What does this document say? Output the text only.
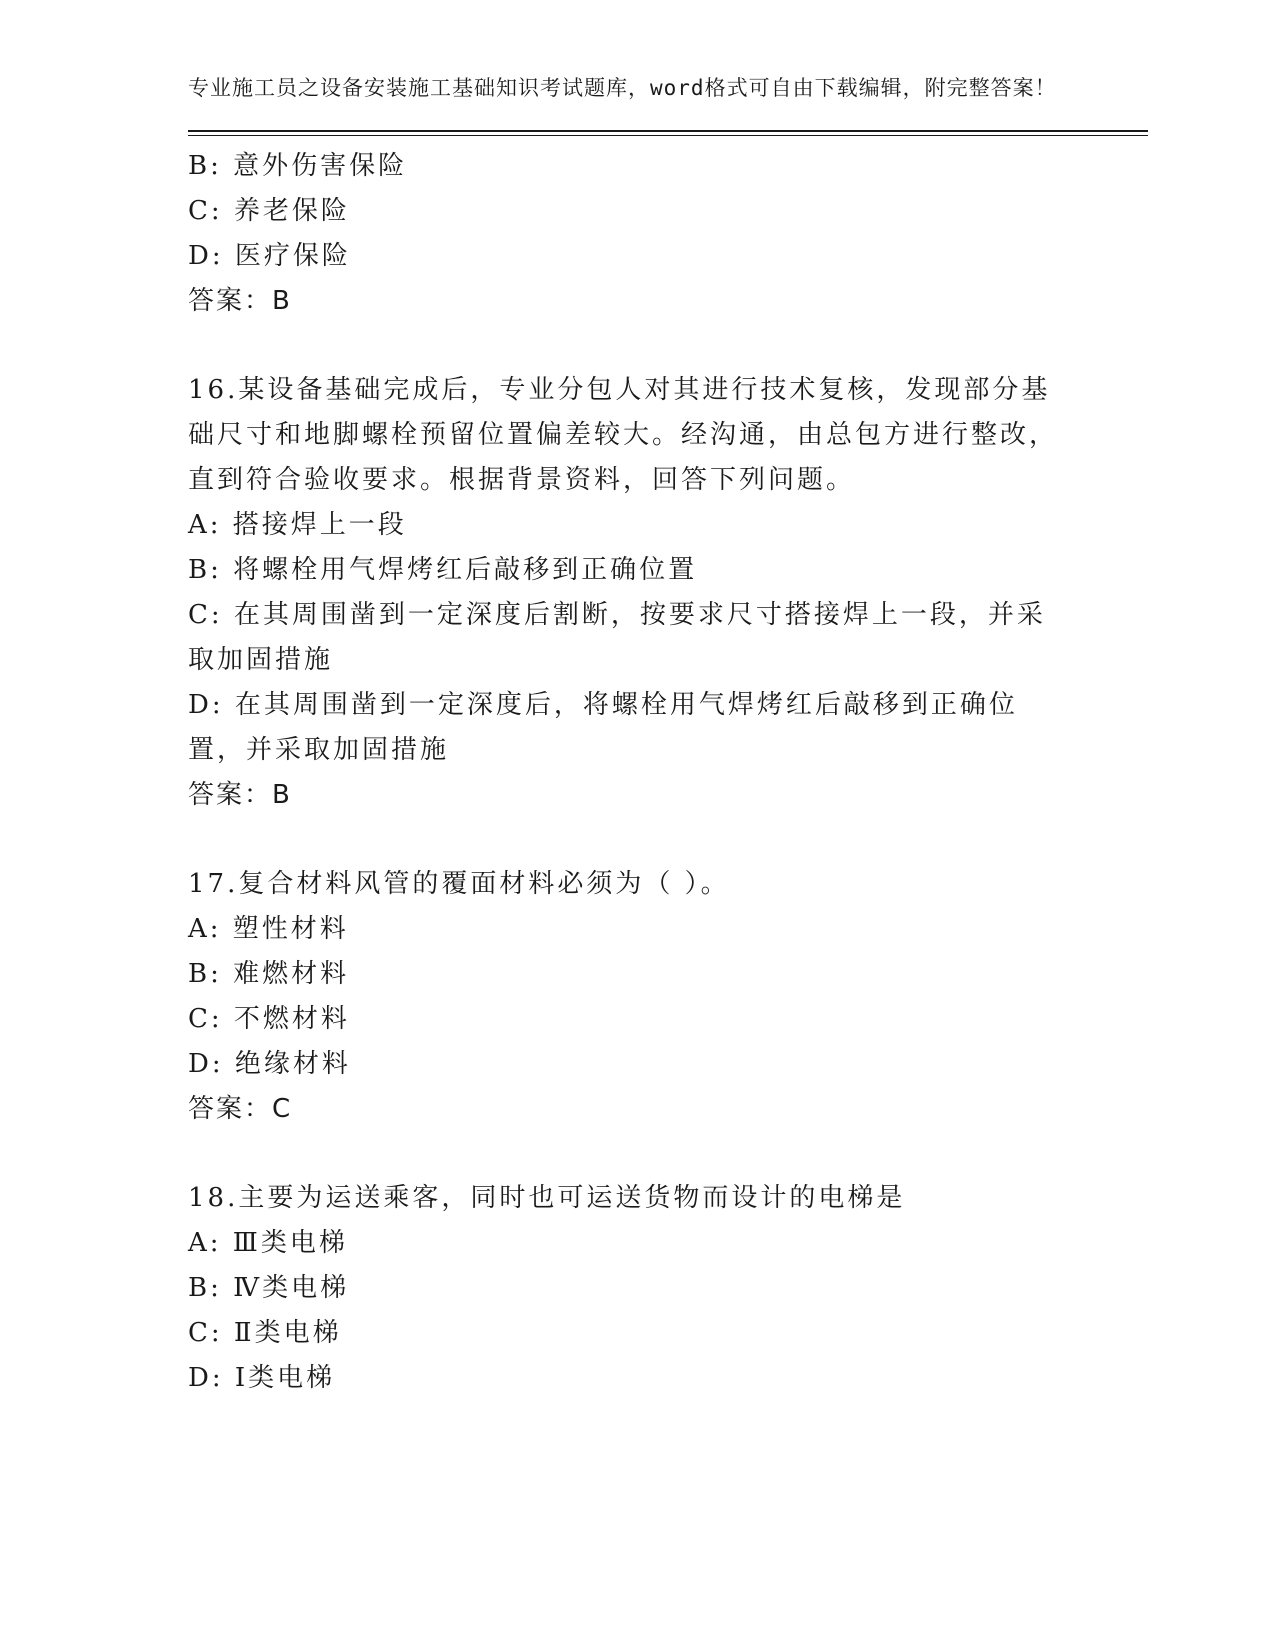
专业施工员之设备安装施工基础知识考试题库，word格式可自由下载编辑，附完整答案！

B: 意外伤害保险

C: 养老保险

D: 医疗保险

答案：B

16.某设备基础完成后，专业分包人对其进行技术复核，发现部分基础尺寸和地脚螺栓预留位置偏差较大。经沟通，由总包方进行整改，直到符合验收要求。根据背景资料，回答下列问题。

A: 搭接焊上一段

B: 将螺栓用气焊烤红后敲移到正确位置

C: 在其周围凿到一定深度后割断，按要求尺寸搭接焊上一段，并采取加固措施

D: 在其周围凿到一定深度后，将螺栓用气焊烤红后敲移到正确位置，并采取加固措施

答案：B

17.复合材料风管的覆面材料必须为（ ）。

A: 塑性材料

B: 难燃材料

C: 不燃材料

D: 绝缘材料

答案：C

18.主要为运送乘客，同时也可运送货物而设计的电梯是

A: Ⅲ类电梯

B: Ⅳ类电梯

C: Ⅱ类电梯

D: Ⅰ类电梯
